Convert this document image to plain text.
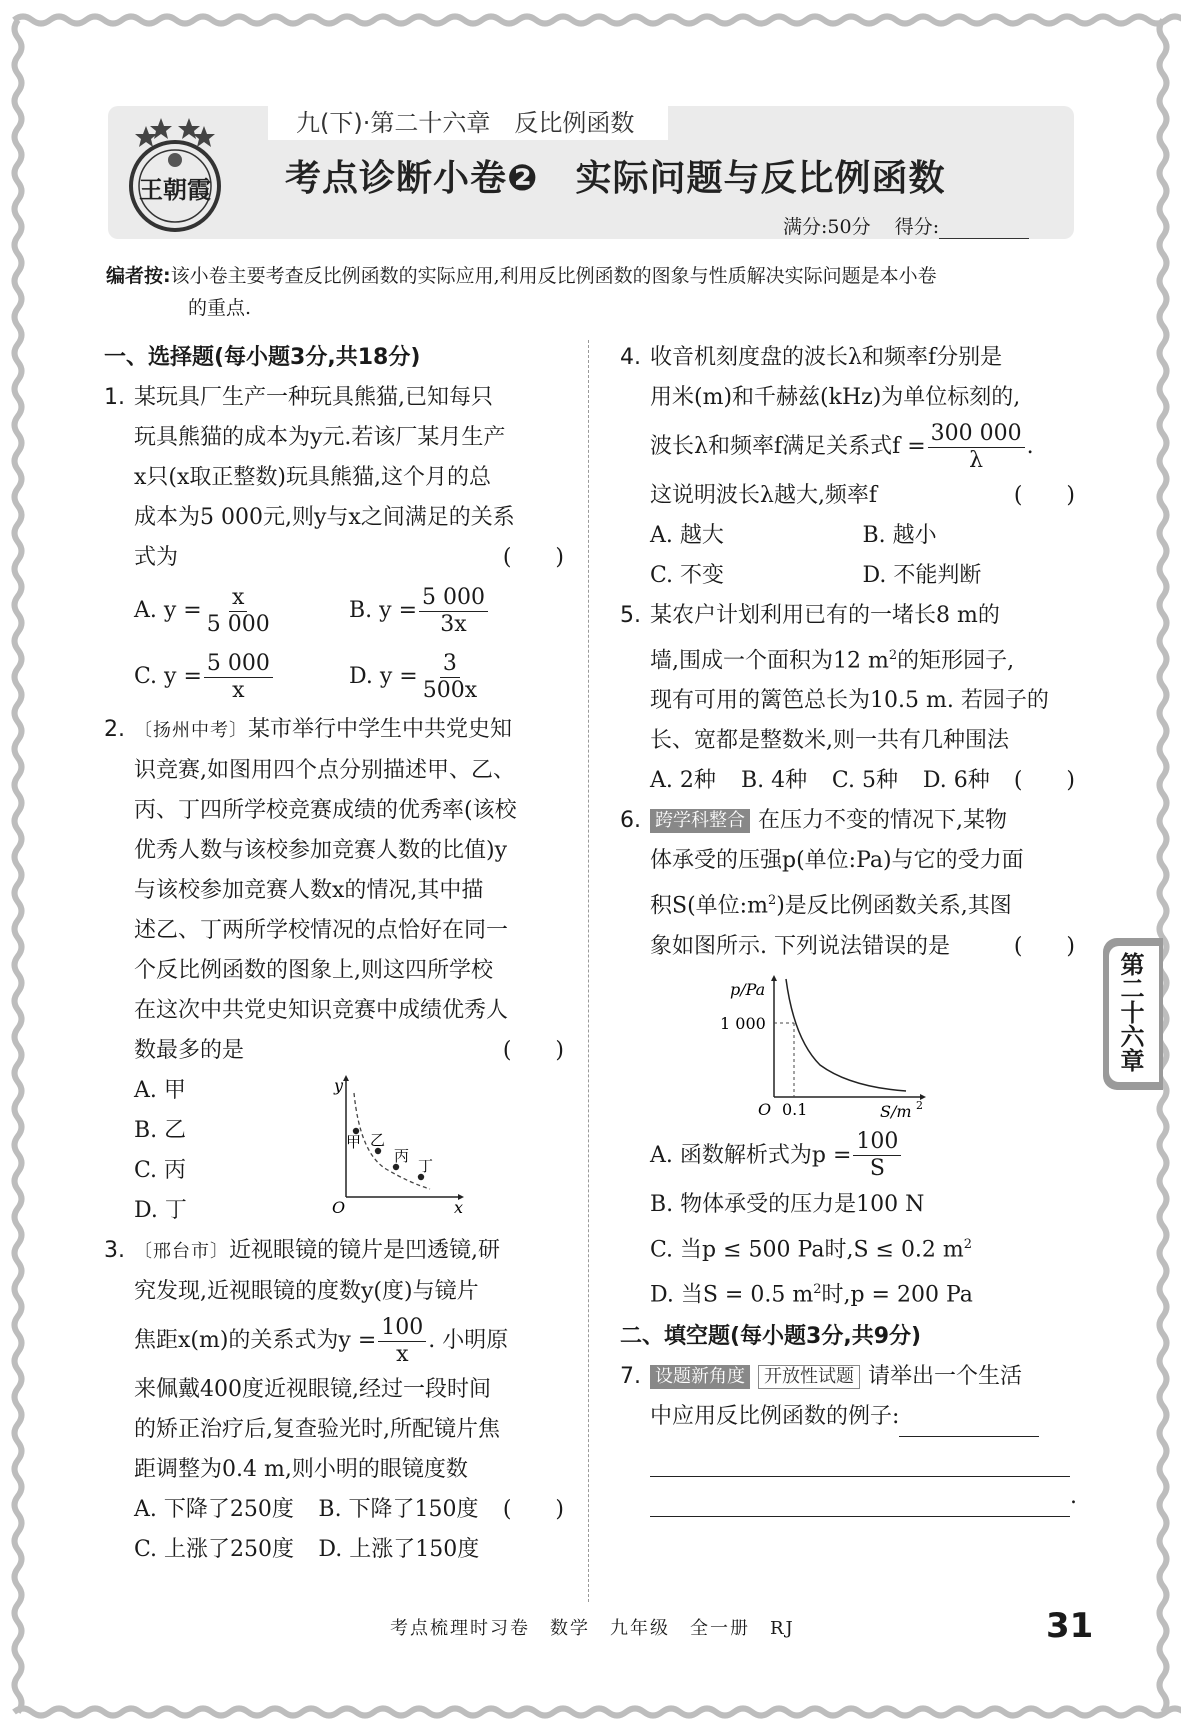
王朝霞
九(下)·第二十六章　反比例函数
考点诊断小卷❷　实际问题与反比例函数
满分:50分 得分:
编者按:该小卷主要考查反比例函数的实际应用,利用反比例函数的图象与性质解决实际问题是本小卷
的重点.
一、选择题(每小题3分,共18分)
1. 某玩具厂生产一种玩具熊猫,已知每只
玩具熊猫的成本为y元.若该厂某月生产
x只(x取正整数)玩具熊猫,这个月的总
成本为5 000元,则y与x之间满足的关系
式为	(　　)
A. $y = \frac{x}{5 000}$	B. $y = \frac{5 000}{3x}$
C. $y = \frac{5 000}{x}$	D. $y = \frac{3}{500x}$
2. 〔扬州中考〕某市举行中学生中共党史知
识竞赛,如图用四个点分别描述甲、乙、
丙、丁四所学校竞赛成绩的优秀率(该校
优秀人数与该校参加竞赛人数的比值)y
与该校参加竞赛人数x的情况,其中描
述乙、丁两所学校情况的点恰好在同一
个反比例函数的图象上,则这四所学校
在这次中共党史知识竞赛中成绩优秀人
数最多的是	(　　)
A. 甲
B. 乙
C. 丙
D. 丁
y
x
O
甲 乙
丙
丁
3. 〔邢台市〕近视眼镜的镜片是凹透镜,研
究发现,近视眼镜的度数y(度)与镜片
焦距x(m)的关系式为$y = \frac{100}{x}$ . 小明原
来佩戴400度近视眼镜,经过一段时间
的矫正治疗后,复查验光时,所配镜片焦
距调整为0.4 m,则小明的眼镜度数
(　　)
A. 下降了250度	B. 下降了150度
C. 上涨了250度	D. 上涨了150度
4. 收音机刻度盘的波长λ和频率f分别是
用米(m)和千赫兹(kHz)为单位标刻的,
波长λ和频率f满足关系式$f = \frac{300 000}{\lambda}$ .
这说明波长λ越大,频率f	(　　)
A. 越大	B. 越小
C. 不变	D. 不能判断
5. 某农户计划利用已有的一堵长8 m的
墙,围成一个面积为12 $m^2$的矩形园子,
现有可用的篱笆总长为10.5 m. 若园子的
长、宽都是整数米,则一共有几种围法
(　　)
A. 2种	B. 4种	C. 5种	D. 6种
6. 跨学科整合 在压力不变的情况下,某物
体承受的压强p(单位:Pa)与它的受力面
积S(单位$:m^2$)是反比例函数关系,其图
象如图所示. 下列说法错误的是	(　　)
p/Pa
1 000
O 0.1	S/m 2
A. 函数解析式为$p = \frac{100}{S}$
B. 物体承受的压力是100 N
C. 当p ≤ 500 Pa时,S ≤ 0.2 $m^2$
D. 当S = 0.5 $m^2$时,p = 200 Pa
二、填空题(每小题3分,共9分)
7. 设题新角度 开放性试题 请举出一个生活
中应用反比例函数的例子:
.
第二十六章
考点梳理时习卷　数学　九年级　全一册　RJ	31
